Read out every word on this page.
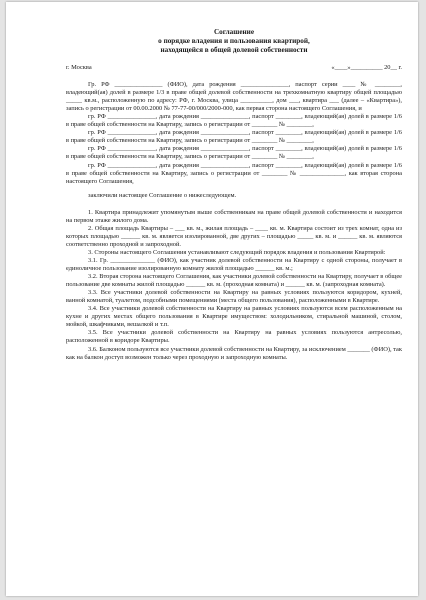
Соглашение
о порядке владения и пользования квартирой,
находящейся в общей долевой собственности
г. Москва	«____»__________ 20__ г.

Гр. РФ _______________ (ФИО), дата рождения _______________, паспорт серии ____ № ________, владеющий(ая) долей в размере 1/3 в праве общей долевой собственности на трехкомнатную квартиру общей площадью _____ кв.м., расположенную по адресу: РФ, г. Москва, улица __________, дом ___, квартира ___ (далее – «Квартира»), запись о регистрации от 00.00.2000 № 77-77-00/000/2000-000, как первая сторона настоящего Соглашения, и

гр. РФ _______________, дата рождения _______________, паспорт ________, владеющий(ая) долей в размере 1/6 в праве общей собственности на Квартиру, запись о регистрации от ________ № ________,

гр. РФ _______________, дата рождения _______________, паспорт ________, владеющий(ая) долей в размере 1/6 в праве общей собственности на Квартиру, запись о регистрации от ________ № ________,

гр. РФ _______________, дата рождения _______________, паспорт ________, владеющий(ая) долей в размере 1/6 в праве общей собственности на Квартиру, запись о регистрации от ________ № ________,

гр. РФ _______________, дата рождения _______________, паспорт ________, владеющий(ая) долей в размере 1/6 в праве общей собственности на Квартиру, запись о регистрации от ________ № ______________, как вторая сторона настоящего Соглашения,

заключили настоящее Соглашение о нижеследующем.

1. Квартира принадлежит упомянутым выше собственникам на праве общей долевой собственности и находится на первом этаже жилого дома.

2. Общая площадь Квартиры – ___ кв. м., жилая площадь – ____ кв. м. Квартира состоит из трех комнат, одна из которых площадью ______ кв. м. является изолированной, две других – площадью _____ кв. м. и ______ кв. м. являются соответственно проходной и запроходной.

3. Стороны настоящего Соглашения устанавливают следующий порядок владения и пользования Квартирой:

3.1. Гр. ______________ (ФИО), как участник долевой собственности на Квартиру с одной стороны, получает в единоличное пользование изолированную комнату жилой площадью ______ кв. м.;

3.2. Вторая сторона настоящего Соглашения, как участники долевой собственности на Квартиру, получает в общее пользование две комнаты жилой площадью ______ кв. м. (проходная комната) и ______ кв. м. (запроходная комната).

3.3. Все участники долевой собственности на Квартиру на равных условиях пользуются коридором, кухней, ванной комнатой, туалетом, подсобными помещениями (места общего пользования), расположенными в Квартире.

3.4. Все участники долевой собственности на Квартиру на равных условиях пользуются всем расположенным на кухне и других местах общего пользования в Квартире имуществом: холодильником, стиральной машиной, столом, мойкой, шкафчиками, вешалкой и т.п.

3.5. Все участники долевой собственности на Квартиру на равных условиях пользуются антресолью, расположенной в коридоре Квартиры.

3.6. Балконом пользуются все участники долевой собственности на Квартиру, за исключением _______ (ФИО), так как на балкон доступ возможен только через проходную и запроходную комнаты.
